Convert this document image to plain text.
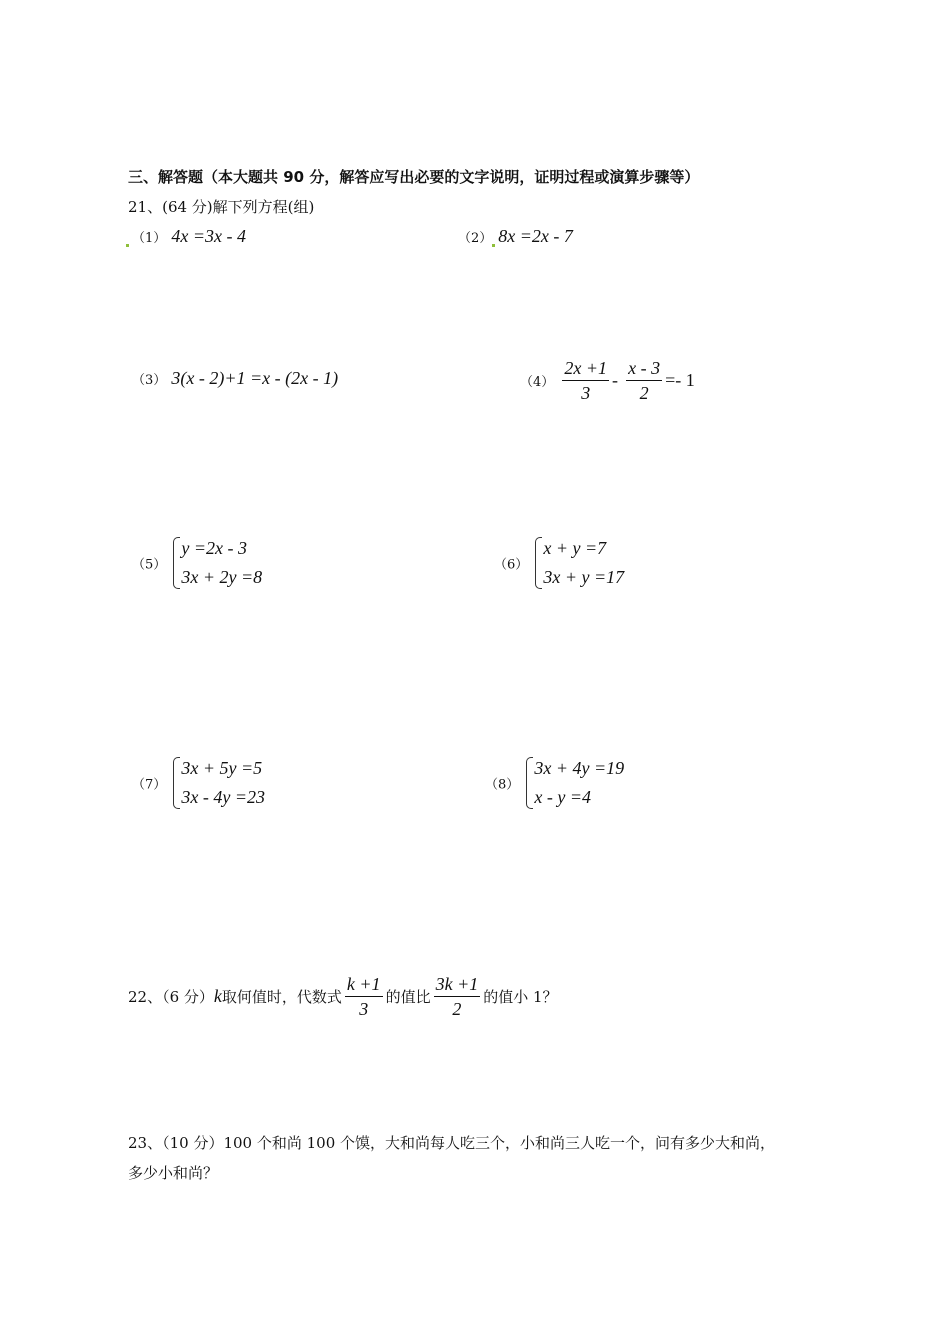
三、解答题（本大题共 90 分，解答应写出必要的文字说明，证明过程或演算步骤等）
21、(64 分)解下列方程(组)
（1） 4x =3x - 4	（2） 8x =2x - 7
（3） 3(x - 2)+1 =x - (2x - 1)	$(4) \frac{2x +1}{3} - \frac{x - 3}{2} =- 1$
（5）
y =2x - 3
3x + 2y =8
（6）
x + y =7
3x + y =17
（7）
3x + 5y =5
3x - 4y =23
（8）
3x + 4y =19
x - y =4
22、（6 分）k取何值时，代数式 $\frac{k +1}{3}$ 的值比 $\frac{3k +1}{2}$ 的值小 1？
23、（10 分）100 个和尚 100 个馍，大和尚每人吃三个，小和尚三人吃一个，问有多少大和尚，
多少小和尚？
